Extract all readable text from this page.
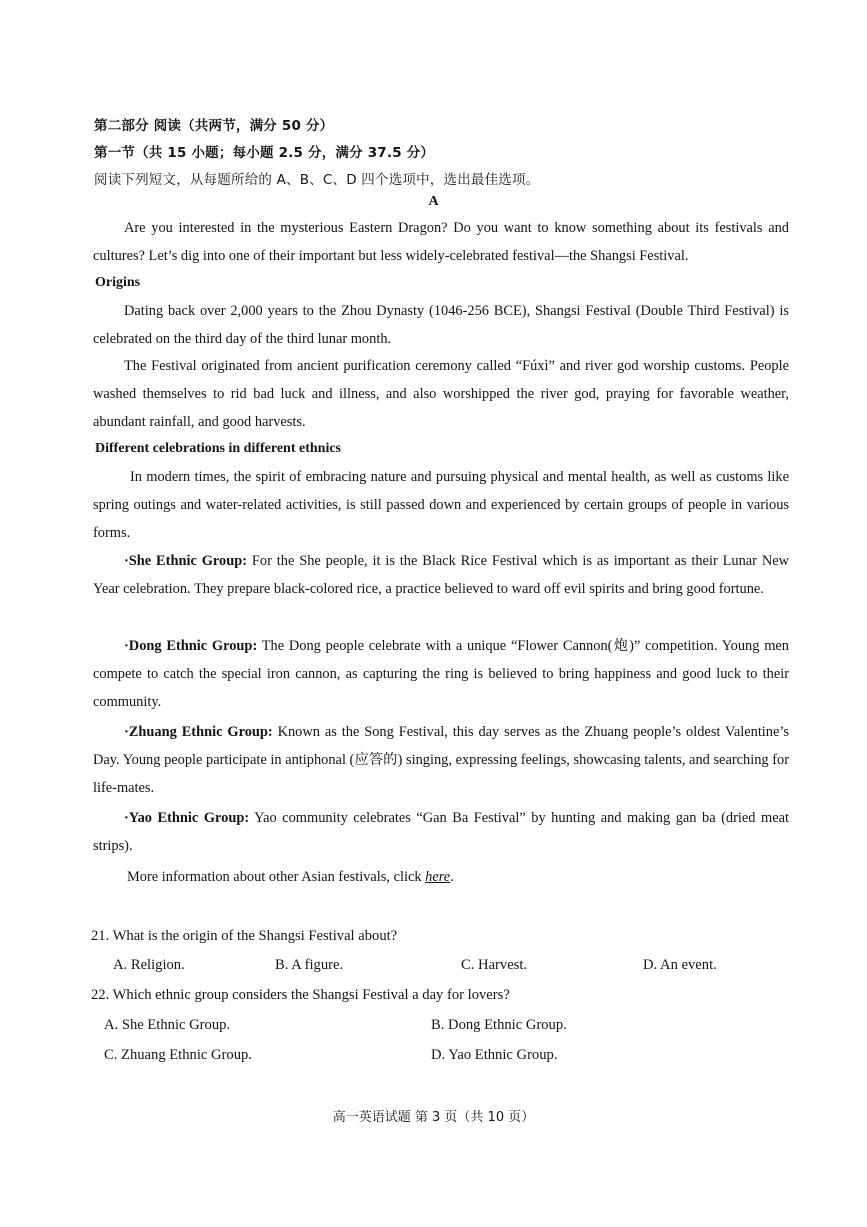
第二部分 阅读（共两节，满分 50 分）
第一节（共 15 小题；每小题 2.5 分，满分 37.5 分）
阅读下列短文，从每题所给的 A、B、C、D 四个选项中，选出最佳选项。
A
Are you interested in the mysterious Eastern Dragon? Do you want to know something about its festivals and cultures? Let’s dig into one of their important but less widely-celebrated festival—the Shangsi Festival.
Origins
Dating back over 2,000 years to the Zhou Dynasty (1046-256 BCE), Shangsi Festival (Double Third Festival) is celebrated on the third day of the third lunar month.
The Festival originated from ancient purification ceremony called “Fúxì” and river god worship customs. People washed themselves to rid bad luck and illness, and also worshipped the river god, praying for favorable weather, abundant rainfall, and good harvests.
Different celebrations in different ethnics
In modern times, the spirit of embracing nature and pursuing physical and mental health, as well as customs like spring outings and water-related activities, is still passed down and experienced by certain groups of people in various forms.
·She Ethnic Group: For the She people, it is the Black Rice Festival which is as important as their Lunar New Year celebration. They prepare black-colored rice, a practice believed to ward off evil spirits and bring good fortune.
·Dong Ethnic Group: The Dong people celebrate with a unique “Flower Cannon(炮)” competition. Young men compete to catch the special iron cannon, as capturing the ring is believed to bring happiness and good luck to their community.
·Zhuang Ethnic Group: Known as the Song Festival, this day serves as the Zhuang people’s oldest Valentine’s Day. Young people participate in antiphonal (应答的) singing, expressing feelings, showcasing talents, and searching for life-mates.
·Yao Ethnic Group: Yao community celebrates “Gan Ba Festival” by hunting and making gan ba (dried meat strips).
More information about other Asian festivals, click here.
21. What is the origin of the Shangsi Festival about?
A. Religion.	B. A figure.	C. Harvest.	D. An event.
22. Which ethnic group considers the Shangsi Festival a day for lovers?
A. She Ethnic Group.	B. Dong Ethnic Group.
C. Zhuang Ethnic Group.	D. Yao Ethnic Group.
高一英语试题 第 3 页（共 10 页）
